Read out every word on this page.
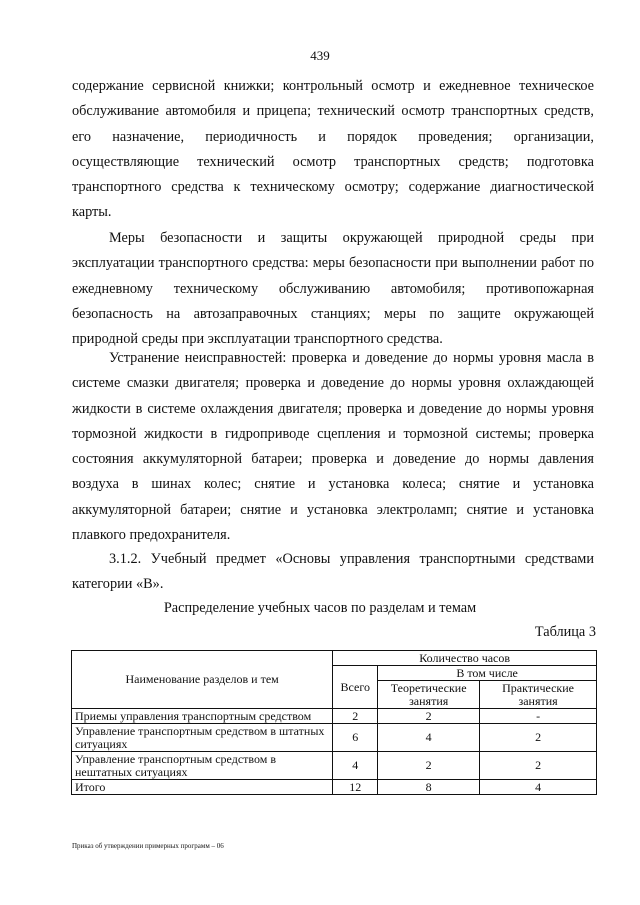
439
содержание сервисной книжки; контрольный осмотр и ежедневное техническое
обслуживание автомобиля и прицепа; технический осмотр транспортных средств,
его назначение, периодичность и порядок проведения; организации,
осуществляющие технический осмотр транспортных средств; подготовка
транспортного средства к техническому осмотру; содержание диагностической
карты.
Меры безопасности и защиты окружающей природной среды при
эксплуатации транспортного средства: меры безопасности при выполнении работ по
ежедневному техническому обслуживанию автомобиля; противопожарная
безопасность на автозаправочных станциях; меры по защите окружающей
природной среды при эксплуатации транспортного средства.
Устранение неисправностей: проверка и доведение до нормы уровня масла в
системе смазки двигателя; проверка и доведение до нормы уровня охлаждающей
жидкости в системе охлаждения двигателя; проверка и доведение до нормы уровня
тормозной жидкости в гидроприводе сцепления и тормозной системы; проверка
состояния аккумуляторной батареи; проверка и доведение до нормы давления
воздуха в шинах колес; снятие и установка колеса; снятие и установка
аккумуляторной батареи; снятие и установка электроламп; снятие и установка
плавкого предохранителя.
3.1.2. Учебный предмет «Основы управления транспортными средствами
категории «В».
Распределение учебных часов по разделам и темам
Таблица 3
Наименование разделов и тем	Количество часов		
	Всего	В том числе	
		Теоретические занятия	Практические занятия
Приемы управления транспортным средством	2	2	-
Управление транспортным средством в штатных ситуациях	6	4	2
Управление транспортным средством в нештатных ситуациях	4	2	2
Итого	12	8	4
Приказ об утверждении примерных программ – 06
